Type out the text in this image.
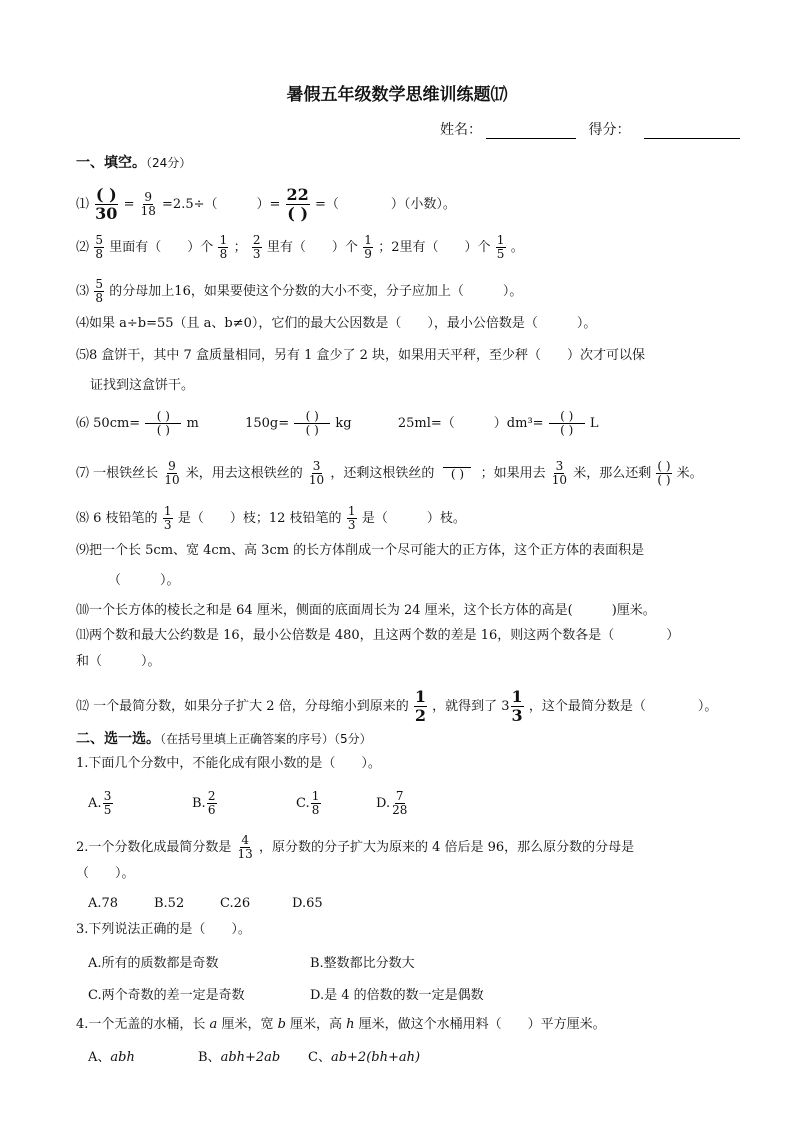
暑假五年级数学思维训练题⒄
姓名：	得分：
一、填空。（24分）
⑴ $\frac{( )}{30} = \frac{9}{18} =2.5\div$（　　　）= $\frac{22}{( )}$ =（　　　　）（小数）。
⑵ $\frac{5}{8}$ 里面有（　　）个 $\frac{1}{8}$ ； $\frac{2}{3}$ 里有（　　）个 $\frac{1}{9}$ ；2里有（　　）个 $\frac{1}{5}$ 。
⑶ $\frac{5}{8}$ 的分母加上16，如果要使这个分数的大小不变，分子应加上（　　　）。
⑷如果 a÷b=55（且 a、b≠0），它们的最大公因数是（　　），最小公倍数是（　　　）。
⑸8 盒饼干，其中 7 盒质量相同，另有 1 盒少了 2 块，如果用天平秤，至少秤（　　）次才可以保
证找到这盒饼干。
⑹ $50cm= \frac{( )}{( )}$ m	$150g= \frac{( )}{( )}$ kg	25ml=（　　　）$dm^3= \frac{( )}{( )}$ L
⑺ 一根铁丝长 $\frac{9}{10}$ 米，用去这根铁丝的 $\frac{3}{10}$ ，还剩这根铁丝的	( )	；如果用去 $\frac{3}{10}$ 米，那么还剩 $\frac{( )}{( )}$ 米。
⑻ 6 枝铅笔的 $\frac{1}{3}$ 是（　　）枝；12 枝铅笔的 $\frac{1}{3}$ 是（　　　）枝。
⑼把一个长 5cm、宽 4cm、高 3cm 的长方体削成一个尽可能大的正方体，这个正方体的表面积是
（　　　）。
⑽一个长方体的棱长之和是 64 厘米，侧面的底面周长为 24 厘米，这个长方体的高是(　　　)厘米。
⑾两个数和最大公约数是 16，最小公倍数是 480，且这两个数的差是 16，则这两个数各是（　　　　）
和（　　　）。
⑿ 一个最简分数，如果分子扩大 2 倍，分母缩小到原来的 $\frac{1}{2}$ ，就得到了 $3 \frac{1}{3}$ ，这个最简分数是（　　　　）。
二、选一选。（在括号里填上正确答案的序号）（5分）
1.下面几个分数中，不能化成有限小数的是（　　）。
A. $\frac{3}{5}$	B. $\frac{2}{6}$	C. $\frac{1}{8}$	D. $\frac{7}{28}$
2.一个分数化成最简分数是 $\frac{4}{13}$ ，原分数的分子扩大为原来的 4 倍后是 96，那么原分数的分母是
（　　）。
A.78	B.52	C.26	D.65
3.下列说法正确的是（　　）。
A.所有的质数都是奇数	B.整数都比分数大
C.两个奇数的差一定是奇数	D.是 4 的倍数的数一定是偶数
4.一个无盖的水桶，长 a 厘米，宽 b 厘米，高 h 厘米，做这个水桶用料（　　）平方厘米。
A、abh	B、abh+2ab C、ab+2(bh+ah)
